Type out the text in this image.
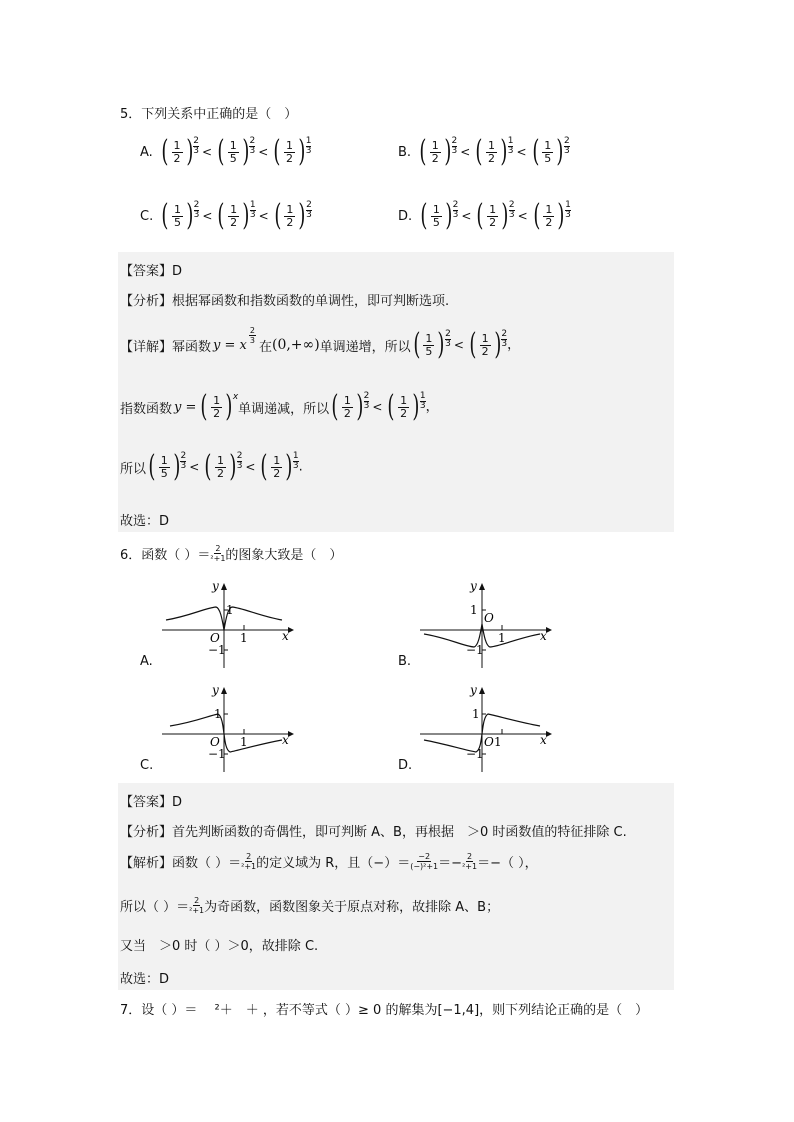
5．下列关系中正确的是（　）
A. ( $\frac{1}{2}$ ) $^{2 3}$ < ( $\frac{1}{5}$ ) $^{2 3}$ < ( $\frac{1}{2}$ ) $^{1 3}$	B. ( $\frac{1}{2}$ ) $^{2 3}$ < ( $\frac{1}{2}$ ) $^{1 3}$ < ( $\frac{1}{5}$ ) $^{2 3}$
C. ( $\frac{1}{5}$ ) $^{2 3}$ < ( $\frac{1}{2}$ ) $^{1 3}$ < ( $\frac{1}{2}$ ) $^{2 3}$	D. ( $\frac{1}{5}$ ) $^{2 3}$ < ( $\frac{1}{2}$ ) $^{2 3}$ < ( $\frac{1}{2}$ ) $^{1 3}$
【答案】D
【分析】根据幂函数和指数函数的单调性，即可判断选项.
【详解】 幂函数 y = x $\frac{2}{3}$
在 (0,+∞) 单调递增，所以 ( $\frac{1}{5}$ ) $^{2 3}$ < ( $\frac{1}{2}$ ) $^{2 3}$ ，
指数函数 y = ( $\frac{1}{2} )^x$
单调递减，所以 ( $\frac{1}{2}$ ) $^{2 3}$ < ( $\frac{1}{2}$ ) $^{1 3}$ ，
所以 ( $\frac{1}{5}$ ) $^{2 3}$ < ( $\frac{1}{2}$ ) $^{2 3}$ < ( $\frac{1}{2}$ ) $^{1 3}$ .
故选：D
6．函数（ ）＝ $\frac{2}{\text{²+1}}$ 的图象大致是（　）
y
x
O 1
1
−1
A.
y
x
O
1
1
−1
B.
y
x
O 1
1
−1
C.
y
x
O 1
1
−1
D.
【答案】D
【分析】首先判断函数的奇偶性，即可判断 A、B，再根据　 ＞0 时函数值的特征排除 C.
【解析】函数（ ）＝ $\frac{2}{\text{²+1}}$ 的定义域为 R，且（−）＝ $\frac{-2}{\text{(−)²+1}} =- \frac{2}{\text{²+1}}$ ＝−（ ），
所以（ ）＝ $\frac{2}{\text{²+1}}$ 为奇函数，函数图象关于原点对称，故排除 A、B；
又当　＞0 时（ ）＞0，故排除 C.
故选：D
7．设（ ）＝　 ²＋　＋ ，若不等式（ ）≥ 0 的解集为[−1,4]，则下列结论正确的是（　）
